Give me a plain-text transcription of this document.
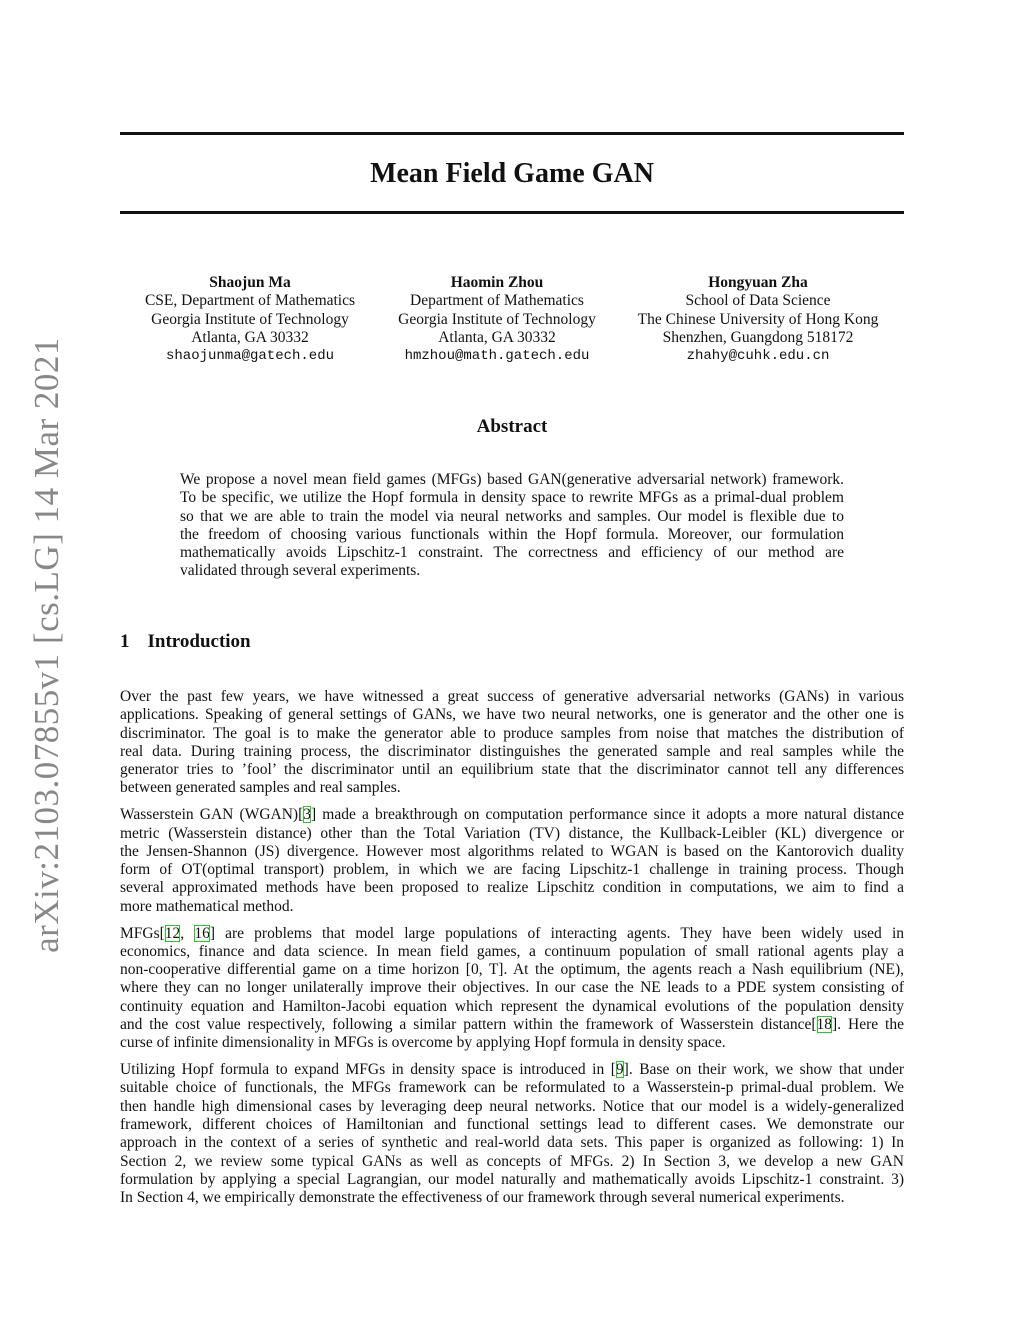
arXiv:2103.07855v1 [cs.LG] 14 Mar 2021
Mean Field Game GAN
Shaojun Ma
CSE, Department of Mathematics
Georgia Institute of Technology
Atlanta, GA 30332
shaojunma@gatech.edu
Haomin Zhou
Department of Mathematics
Georgia Institute of Technology
Atlanta, GA 30332
hmzhou@math.gatech.edu
Hongyuan Zha
School of Data Science
The Chinese University of Hong Kong
Shenzhen, Guangdong 518172
zhahy@cuhk.edu.cn
Abstract
We propose a novel mean field games (MFGs) based GAN(generative adversarial network) framework.
To be specific, we utilize the Hopf formula in density space to rewrite MFGs as a primal-dual problem
so that we are able to train the model via neural networks and samples. Our model is flexible due to
the freedom of choosing various functionals within the Hopf formula. Moreover, our formulation
mathematically avoids Lipschitz-1 constraint. The correctness and efficiency of our method are
validated through several experiments.
1 Introduction
Over the past few years, we have witnessed a great success of generative adversarial networks (GANs) in various
applications. Speaking of general settings of GANs, we have two neural networks, one is generator and the other one is
discriminator. The goal is to make the generator able to produce samples from noise that matches the distribution of
real data. During training process, the discriminator distinguishes the generated sample and real samples while the
generator tries to ’fool’ the discriminator until an equilibrium state that the discriminator cannot tell any differences
between generated samples and real samples.
Wasserstein GAN (WGAN)[3] made a breakthrough on computation performance since it adopts a more natural distance
metric (Wasserstein distance) other than the Total Variation (TV) distance, the Kullback-Leibler (KL) divergence or
the Jensen-Shannon (JS) divergence. However most algorithms related to WGAN is based on the Kantorovich duality
form of OT(optimal transport) problem, in which we are facing Lipschitz-1 challenge in training process. Though
several approximated methods have been proposed to realize Lipschitz condition in computations, we aim to find a
more mathematical method.
MFGs[12, 16] are problems that model large populations of interacting agents. They have been widely used in
economics, finance and data science. In mean field games, a continuum population of small rational agents play a
non-cooperative differential game on a time horizon [0, T]. At the optimum, the agents reach a Nash equilibrium (NE),
where they can no longer unilaterally improve their objectives. In our case the NE leads to a PDE system consisting of
continuity equation and Hamilton-Jacobi equation which represent the dynamical evolutions of the population density
and the cost value respectively, following a similar pattern within the framework of Wasserstein distance[18]. Here the
curse of infinite dimensionality in MFGs is overcome by applying Hopf formula in density space.
Utilizing Hopf formula to expand MFGs in density space is introduced in [9]. Base on their work, we show that under
suitable choice of functionals, the MFGs framework can be reformulated to a Wasserstein-p primal-dual problem. We
then handle high dimensional cases by leveraging deep neural networks. Notice that our model is a widely-generalized
framework, different choices of Hamiltonian and functional settings lead to different cases. We demonstrate our
approach in the context of a series of synthetic and real-world data sets. This paper is organized as following: 1) In
Section 2, we review some typical GANs as well as concepts of MFGs. 2) In Section 3, we develop a new GAN
formulation by applying a special Lagrangian, our model naturally and mathematically avoids Lipschitz-1 constraint. 3)
In Section 4, we empirically demonstrate the effectiveness of our framework through several numerical experiments.
